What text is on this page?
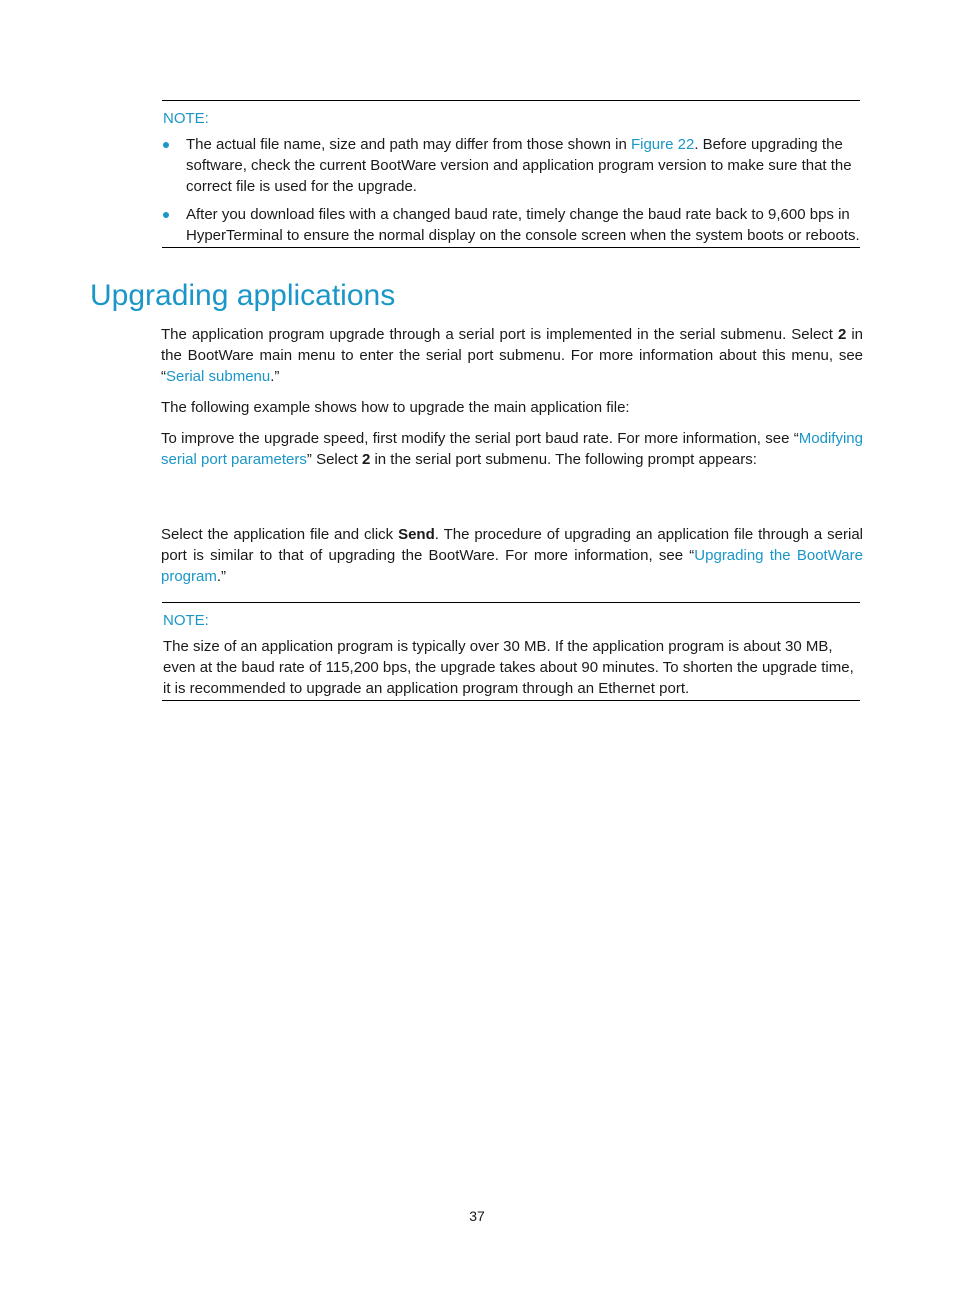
NOTE:
The actual file name, size and path may differ from those shown in Figure 22. Before upgrading the software, check the current BootWare version and application program version to make sure that the correct file is used for the upgrade.
After you download files with a changed baud rate, timely change the baud rate back to 9,600 bps in HyperTerminal to ensure the normal display on the console screen when the system boots or reboots.
Upgrading applications

The application program upgrade through a serial port is implemented in the serial submenu. Select 2 in the BootWare main menu to enter the serial port submenu. For more information about this menu, see “Serial submenu.”

The following example shows how to upgrade the main application file:

To improve the upgrade speed, first modify the serial port baud rate. For more information, see “Modifying serial port parameters” Select 2 in the serial port submenu. The following prompt appears:

Select the application file and click Send. The procedure of upgrading an application file through a serial port is similar to that of upgrading the BootWare. For more information, see “Upgrading the BootWare program.”

NOTE:

The size of an application program is typically over 30 MB. If the application program is about 30 MB, even at the baud rate of 115,200 bps, the upgrade takes about 90 minutes. To shorten the upgrade time, it is recommended to upgrade an application program through an Ethernet port.

37
